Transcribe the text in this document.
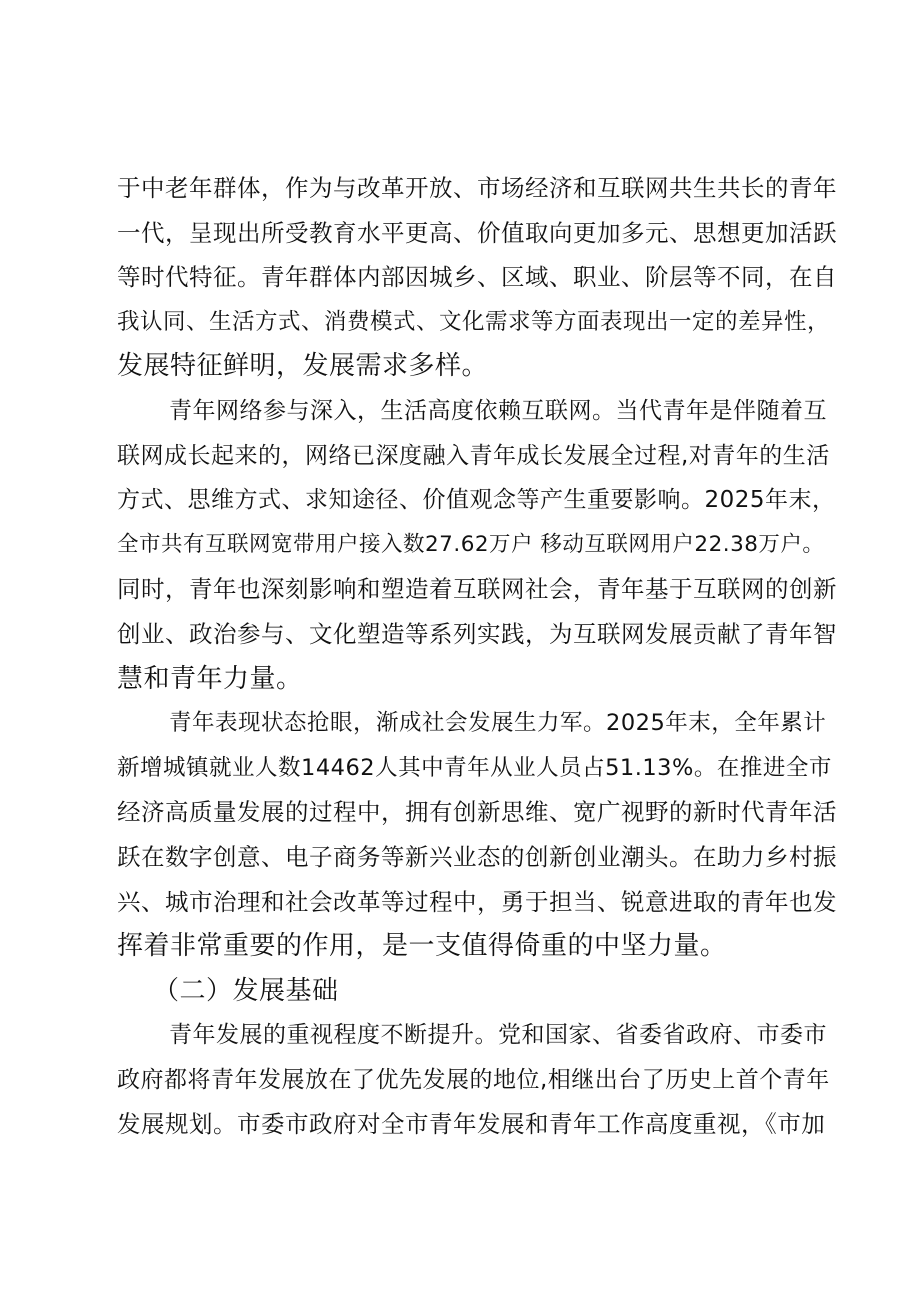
于中老年群体，作为与改革开放、市场经济和互联网共生共长的青年
一代，呈现出所受教育水平更高、价值取向更加多元、思想更加活跃
等时代特征。青年群体内部因城乡、区域、职业、阶层等不同，在自
我认同、生活方式、消费模式、文化需求等方面表现出一定的差异性，
发展特征鲜明，发展需求多样。
青年网络参与深入，生活高度依赖互联网。当代青年是伴随着互
联网成长起来的，网络已深度融入青年成长发展全过程,对青年的生活
方式、思维方式、求知途径、价值观念等产生重要影响。2025年末，
全市共有互联网宽带用户接入数27.62万户 移动互联网用户22.38万户。
同时，青年也深刻影响和塑造着互联网社会，青年基于互联网的创新
创业、政治参与、文化塑造等系列实践，为互联网发展贡献了青年智
慧和青年力量。
青年表现状态抢眼，渐成社会发展生力军。2025年末，全年累计
新增城镇就业人数14462人其中青年从业人员占51.13%。在推进全市
经济高质量发展的过程中，拥有创新思维、宽广视野的新时代青年活
跃在数字创意、电子商务等新兴业态的创新创业潮头。在助力乡村振
兴、城市治理和社会改革等过程中，勇于担当、锐意进取的青年也发
挥着非常重要的作用，是一支值得倚重的中坚力量。
（二）发展基础
青年发展的重视程度不断提升。党和国家、省委省政府、市委市
政府都将青年发展放在了优先发展的地位,相继出台了历史上首个青年
发展规划。市委市政府对全市青年发展和青年工作高度重视，《市加
